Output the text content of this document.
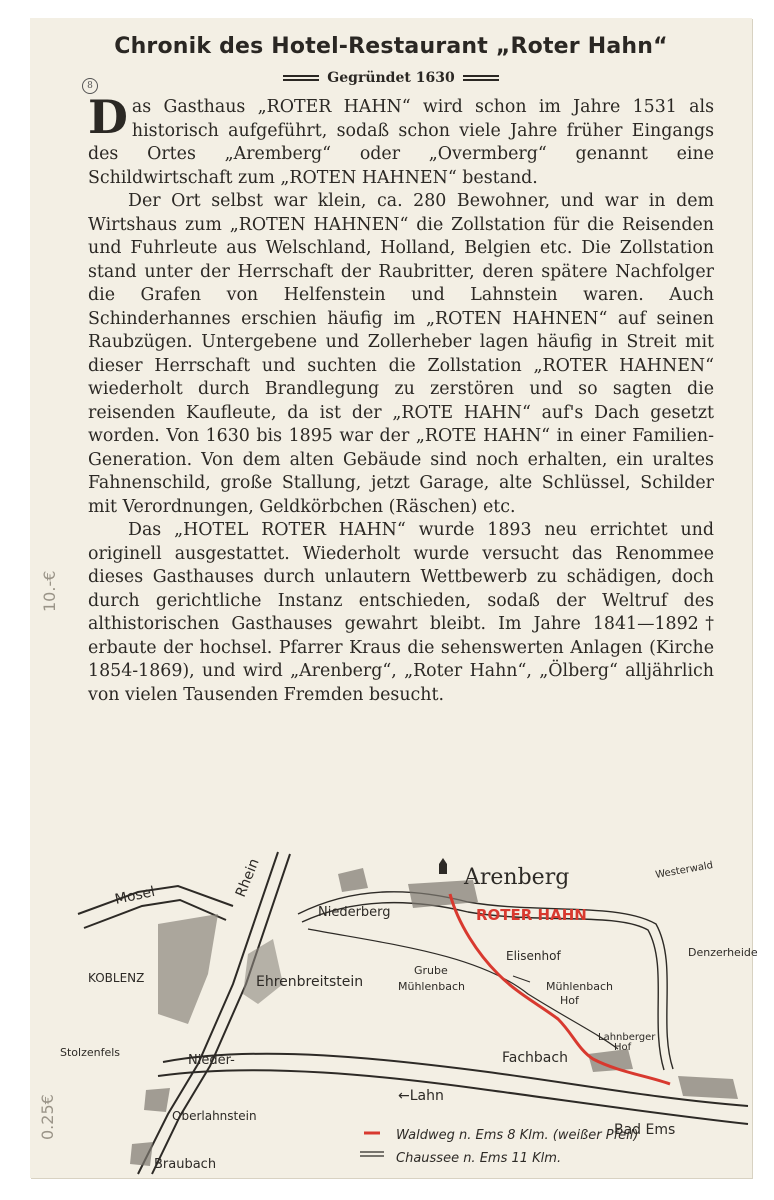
8
Chronik des Hotel-Restaurant „Roter Hahn“
Gegründet 1630

Das Gasthaus „ROTER HAHN“ wird schon im Jahre 1531 als historisch aufgeführt, sodaß schon viele Jahre früher Eingangs des Ortes „Aremberg“ oder „Overmberg“ genannt eine Schildwirtschaft zum „ROTEN HAHNEN“ bestand.

Der Ort selbst war klein, ca. 280 Bewohner, und war in dem Wirtshaus zum „ROTEN HAHNEN“ die Zollstation für die Reisenden und Fuhrleute aus Welschland, Holland, Belgien etc. Die Zollstation stand unter der Herrschaft der Raubritter, deren spätere Nachfolger die Grafen von Helfenstein und Lahnstein waren. Auch Schinderhannes erschien häufig im „ROTEN HAHNEN“ auf seinen Raubzügen. Untergebene und Zollerheber lagen häufig in Streit mit dieser Herrschaft und suchten die Zollstation „ROTER HAHNEN“ wiederholt durch Brandlegung zu zerstören und so sagten die reisenden Kaufleute, da ist der „ROTE HAHN“ auf's Dach gesetzt worden. Von 1630 bis 1895 war der „ROTE HAHN“ in einer Familien-Generation. Von dem alten Gebäude sind noch erhalten, ein uraltes Fahnenschild, große Stallung, jetzt Garage, alte Schlüssel, Schilder mit Verordnungen, Geldkörbchen (Räschen) etc.

Das „HOTEL ROTER HAHN“ wurde 1893 neu errichtet und originell ausgestattet. Wiederholt wurde versucht das Renommee dieses Gasthauses durch unlautern Wettbewerb zu schädigen, doch durch gerichtliche Instanz entschieden, sodaß der Weltruf des althistorischen Gasthauses gewahrt bleibt. Im Jahre 1841—1892† erbaute der hochsel. Pfarrer Kraus die sehenswerten Anlagen (Kirche 1854-1869), und wird „Arenberg“, „Roter Hahn“, „Ölberg“ alljährlich von vielen Tausenden Fremden besucht.

Arenberg
ROTER HAHN
Westerwald
Mosel	Rhein
Niederberg
KOBLENZ	Ehrenbreitstein
Grube
Mühlenbach
Elisenhof	Denzerheide
Mühlenbach
Hof
Stolzenfels
Nieder-	Fachbach
Lahnberger
Hof
←Lahn
Oberlahnstein
Bad Ems
Braubach
Waldweg n. Ems 8 Klm. (weißer Pfeil)
Chaussee n. Ems 11 Klm.
10.-€
0.25€
